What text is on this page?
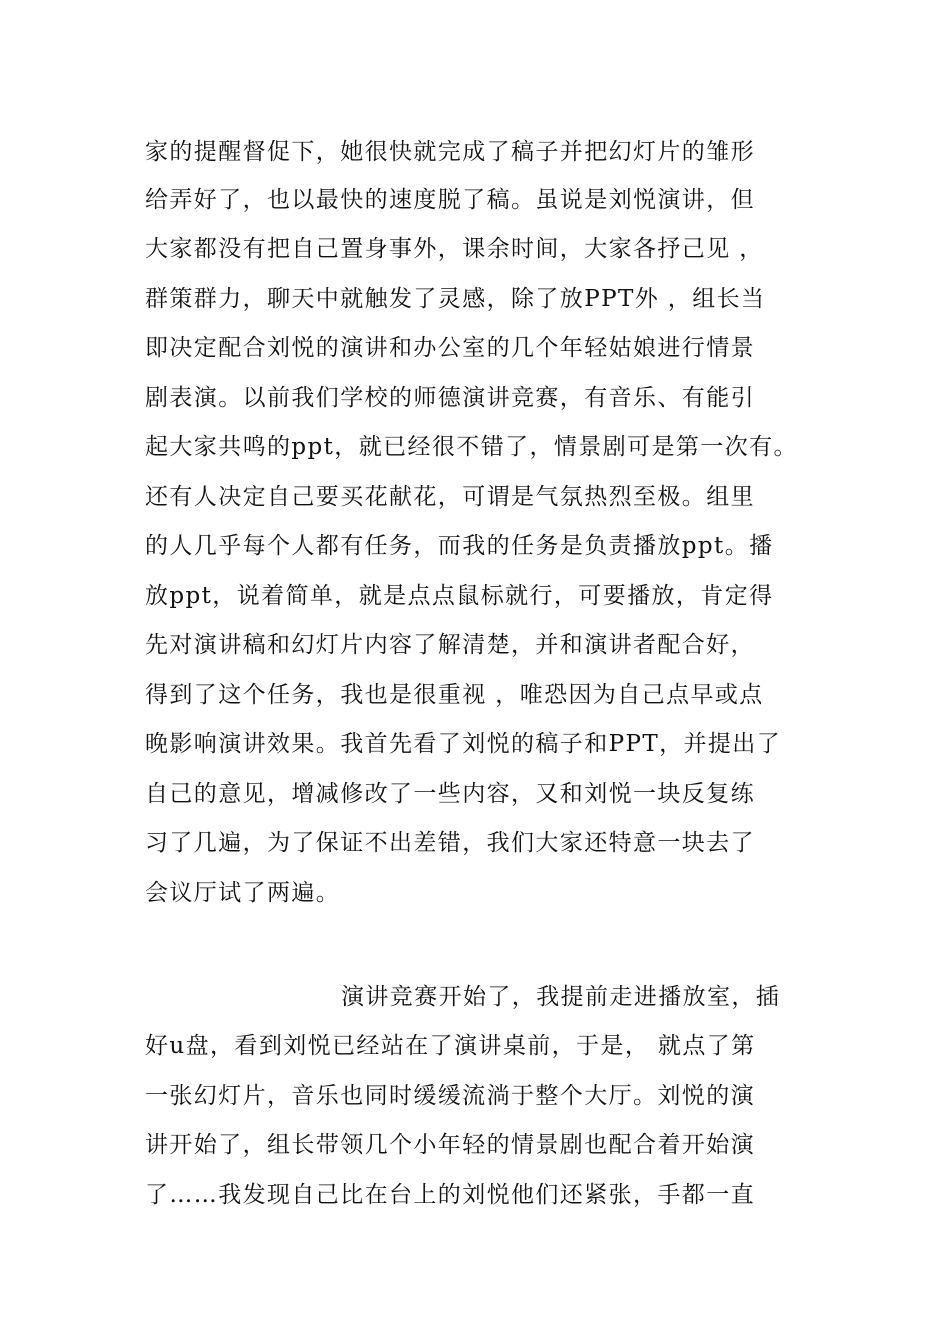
家的提醒督促下，她很快就完成了稿子并把幻灯片的雏形
给弄好了，也以最快的速度脱了稿。虽说是刘悦演讲，但
大家都没有把自己置身事外，课余时间，大家各抒己见 ，
群策群力，聊天中就触发了灵感，除了放PPT外 ，组长当
即决定配合刘悦的演讲和办公室的几个年轻姑娘进行情景
剧表演。以前我们学校的师德演讲竞赛，有音乐、有能引
起大家共鸣的ppt，就已经很不错了，情景剧可是第一次有。
还有人决定自己要买花献花，可谓是气氛热烈至极。组里
的人几乎每个人都有任务，而我的任务是负责播放ppt。播
放ppt，说着简单，就是点点鼠标就行，可要播放，肯定得
先对演讲稿和幻灯片内容了解清楚，并和演讲者配合好，
得到了这个任务，我也是很重视 ，唯恐因为自己点早或点
晚影响演讲效果。我首先看了刘悦的稿子和PPT，并提出了
自己的意见，增减修改了一些内容，又和刘悦一块反复练
习了几遍，为了保证不出差错，我们大家还特意一块去了
会议厅试了两遍。
演讲竞赛开始了，我提前走进播放室，插
好u盘，看到刘悦已经站在了演讲桌前，于是， 就点了第
一张幻灯片，音乐也同时缓缓流淌于整个大厅。刘悦的演
讲开始了，组长带领几个小年轻的情景剧也配合着开始演
了……我发现自己比在台上的刘悦他们还紧张，手都一直
